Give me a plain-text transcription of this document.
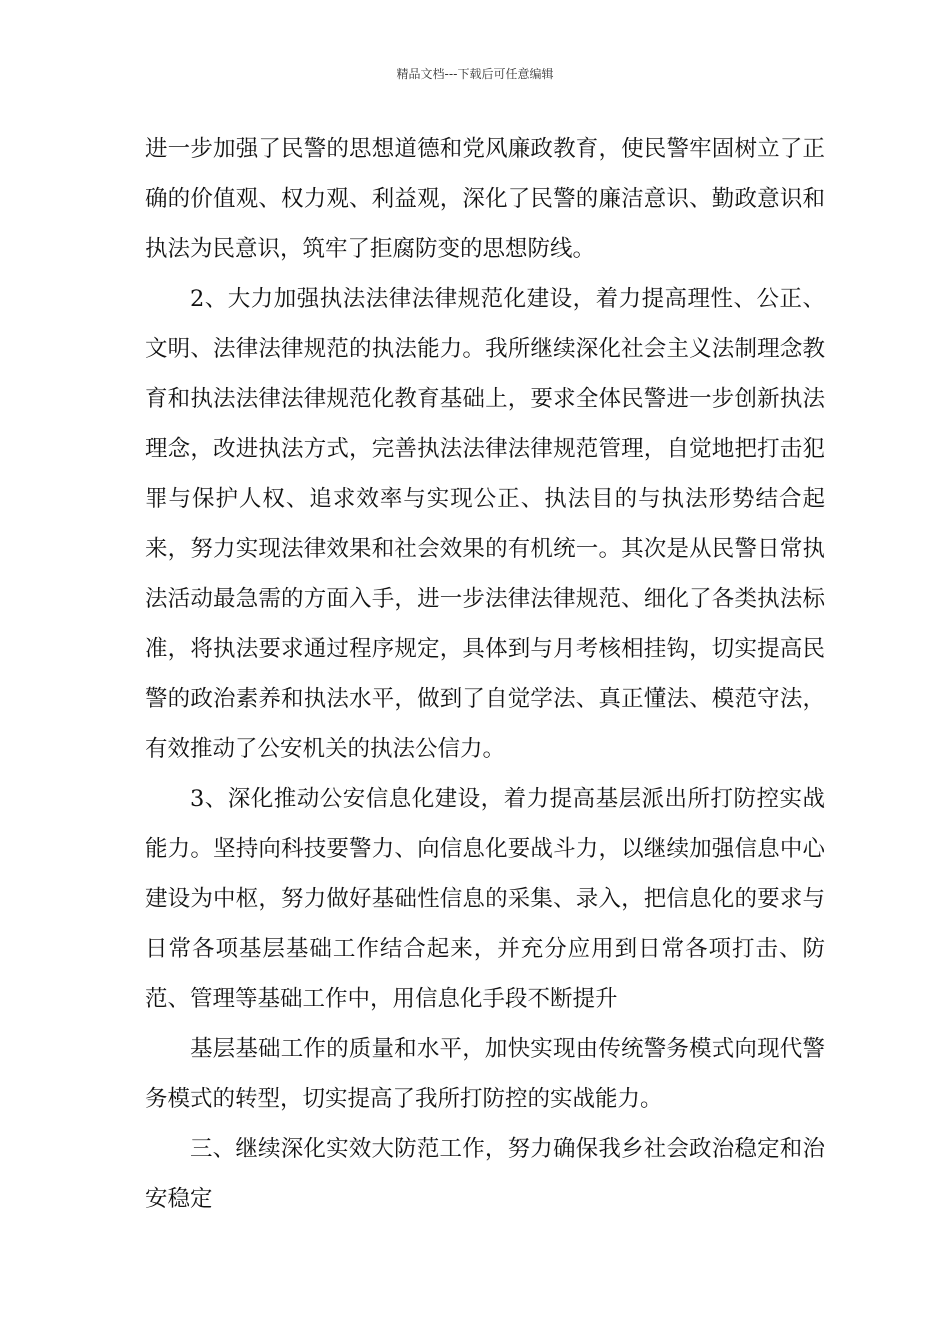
精品文档---下载后可任意编辑

进一步加强了民警的思想道德和党风廉政教育，使民警牢固树立了正确的价值观、权力观、利益观，深化了民警的廉洁意识、勤政意识和执法为民意识，筑牢了拒腐防变的思想防线。

2、大力加强执法法律法律规范化建设，着力提高理性、公正、文明、法律法律规范的执法能力。我所继续深化社会主义法制理念教育和执法法律法律规范化教育基础上，要求全体民警进一步创新执法理念，改进执法方式，完善执法法律法律规范管理，自觉地把打击犯罪与保护人权、追求效率与实现公正、执法目的与执法形势结合起来，努力实现法律效果和社会效果的有机统一。其次是从民警日常执法活动最急需的方面入手，进一步法律法律规范、细化了各类执法标准，将执法要求通过程序规定，具体到与月考核相挂钩，切实提高民警的政治素养和执法水平，做到了自觉学法、真正懂法、模范守法，有效推动了公安机关的执法公信力。

3、深化推动公安信息化建设，着力提高基层派出所打防控实战能力。坚持向科技要警力、向信息化要战斗力，以继续加强信息中心建设为中枢，努力做好基础性信息的采集、录入，把信息化的要求与日常各项基层基础工作结合起来，并充分应用到日常各项打击、防范、管理等基础工作中，用信息化手段不断提升

基层基础工作的质量和水平，加快实现由传统警务模式向现代警务模式的转型，切实提高了我所打防控的实战能力。

三、继续深化实效大防范工作，努力确保我乡社会政治稳定和治安稳定
